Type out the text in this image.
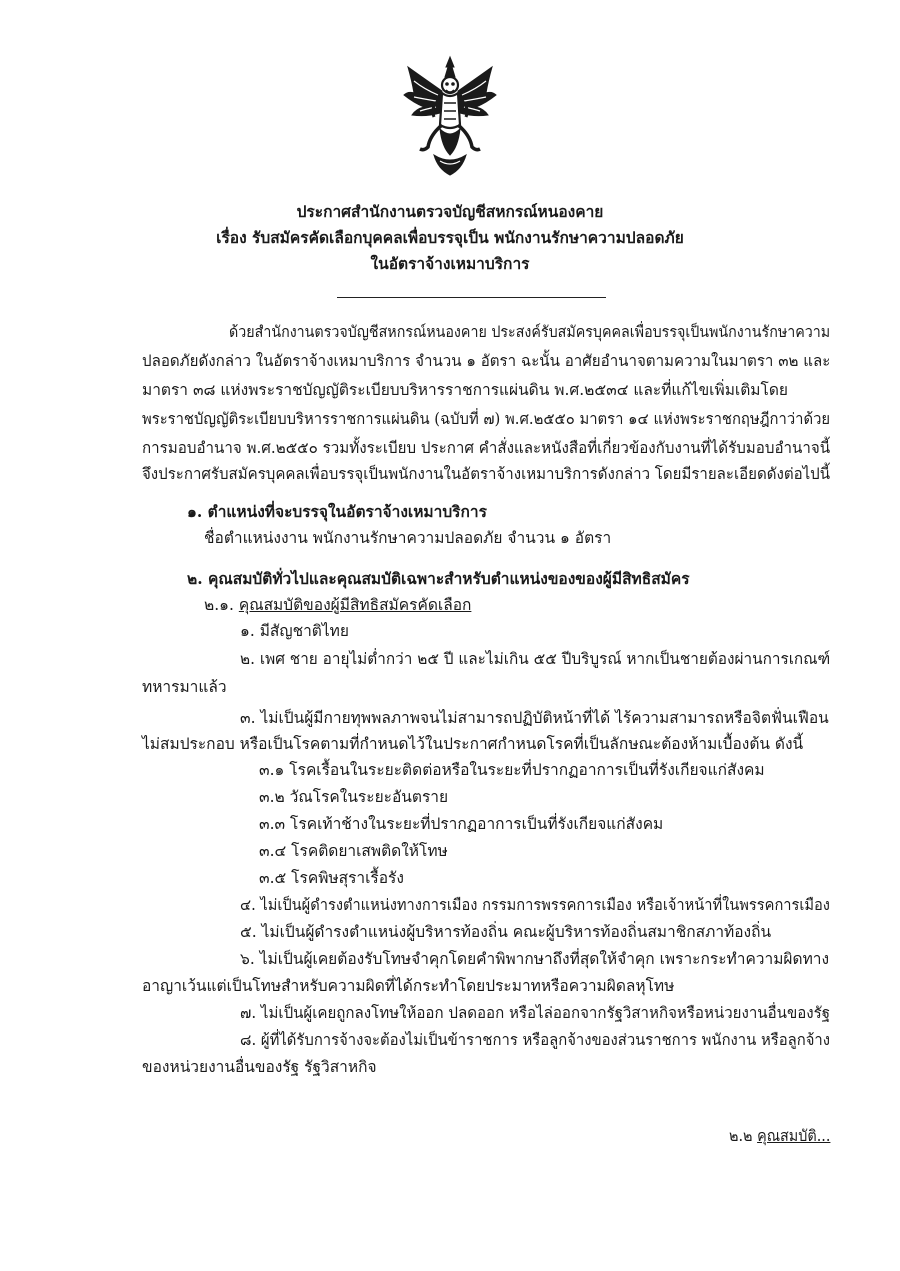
ประกาศสำนักงานตรวจบัญชีสหกรณ์หนองคาย
เรื่อง รับสมัครคัดเลือกบุคคลเพื่อบรรจุเป็น พนักงานรักษาความปลอดภัย
ในอัตราจ้างเหมาบริการ
ด้วยสำนักงานตรวจบัญชีสหกรณ์หนองคาย ประสงค์รับสมัครบุคคลเพื่อบรรจุเป็นพนักงานรักษาความ
ปลอดภัยดังกล่าว ในอัตราจ้างเหมาบริการ จำนวน ๑ อัตรา ฉะนั้น อาศัยอำนาจตามความในมาตรา ๓๒ และ
มาตรา ๓๘ แห่งพระราชบัญญัติระเบียบบริหารราชการแผ่นดิน พ.ศ.๒๕๓๔ และที่แก้ไขเพิ่มเติมโดย
พระราชบัญญัติระเบียบบริหารราชการแผ่นดิน (ฉบับที่ ๗) พ.ศ.๒๕๕๐ มาตรา ๑๔ แห่งพระราชกฤษฎีกาว่าด้วย
การมอบอำนาจ พ.ศ.๒๕๕๐ รวมทั้งระเบียบ ประกาศ คำสั่งและหนังสือที่เกี่ยวข้องกับงานที่ได้รับมอบอำนาจนี้
จึงประกาศรับสมัครบุคคลเพื่อบรรจุเป็นพนักงานในอัตราจ้างเหมาบริการดังกล่าว โดยมีรายละเอียดดังต่อไปนี้
๑. ตำแหน่งที่จะบรรจุในอัตราจ้างเหมาบริการ
ชื่อตำแหน่งงาน พนักงานรักษาความปลอดภัย จำนวน ๑ อัตรา
๒. คุณสมบัติทั่วไปและคุณสมบัติเฉพาะสำหรับตำแหน่งของของผู้มีสิทธิสมัคร
๒.๑. คุณสมบัติของผู้มีสิทธิสมัครคัดเลือก
๑. มีสัญชาติไทย
๒. เพศ ชาย อายุไม่ต่ำกว่า ๒๕ ปี และไม่เกิน ๕๕ ปีบริบูรณ์ หากเป็นชายต้องผ่านการเกณฑ์
ทหารมาแล้ว
๓. ไม่เป็นผู้มีกายทุพพลภาพจนไม่สามารถปฏิบัติหน้าที่ได้ ไร้ความสามารถหรือจิตฟั่นเฟือน
ไม่สมประกอบ หรือเป็นโรคตามที่กำหนดไว้ในประกาศกำหนดโรคที่เป็นลักษณะต้องห้ามเบื้องต้น ดังนี้
๓.๑ โรคเรื้อนในระยะติดต่อหรือในระยะที่ปรากฏอาการเป็นที่รังเกียจแก่สังคม
๓.๒ วัณโรคในระยะอันตราย
๓.๓ โรคเท้าช้างในระยะที่ปรากฏอาการเป็นที่รังเกียจแก่สังคม
๓.๔ โรคติดยาเสพติดให้โทษ
๓.๕ โรคพิษสุราเรื้อรัง
๔. ไม่เป็นผู้ดำรงตำแหน่งทางการเมือง กรรมการพรรคการเมือง หรือเจ้าหน้าที่ในพรรคการเมือง
๕. ไม่เป็นผู้ดำรงตำแหน่งผู้บริหารท้องถิ่น คณะผู้บริหารท้องถิ่นสมาชิกสภาท้องถิ่น
๖. ไม่เป็นผู้เคยต้องรับโทษจำคุกโดยคำพิพากษาถึงที่สุดให้จำคุก เพราะกระทำความผิดทาง
อาญาเว้นแต่เป็นโทษสำหรับความผิดที่ได้กระทำโดยประมาทหรือความผิดลหุโทษ
๗. ไม่เป็นผู้เคยถูกลงโทษให้ออก ปลดออก หรือไล่ออกจากรัฐวิสาหกิจหรือหน่วยงานอื่นของรัฐ
๘. ผู้ที่ได้รับการจ้างจะต้องไม่เป็นข้าราชการ หรือลูกจ้างของส่วนราชการ พนักงาน หรือลูกจ้าง
ของหน่วยงานอื่นของรัฐ รัฐวิสาหกิจ
๒.๒ คุณสมบัติ...
